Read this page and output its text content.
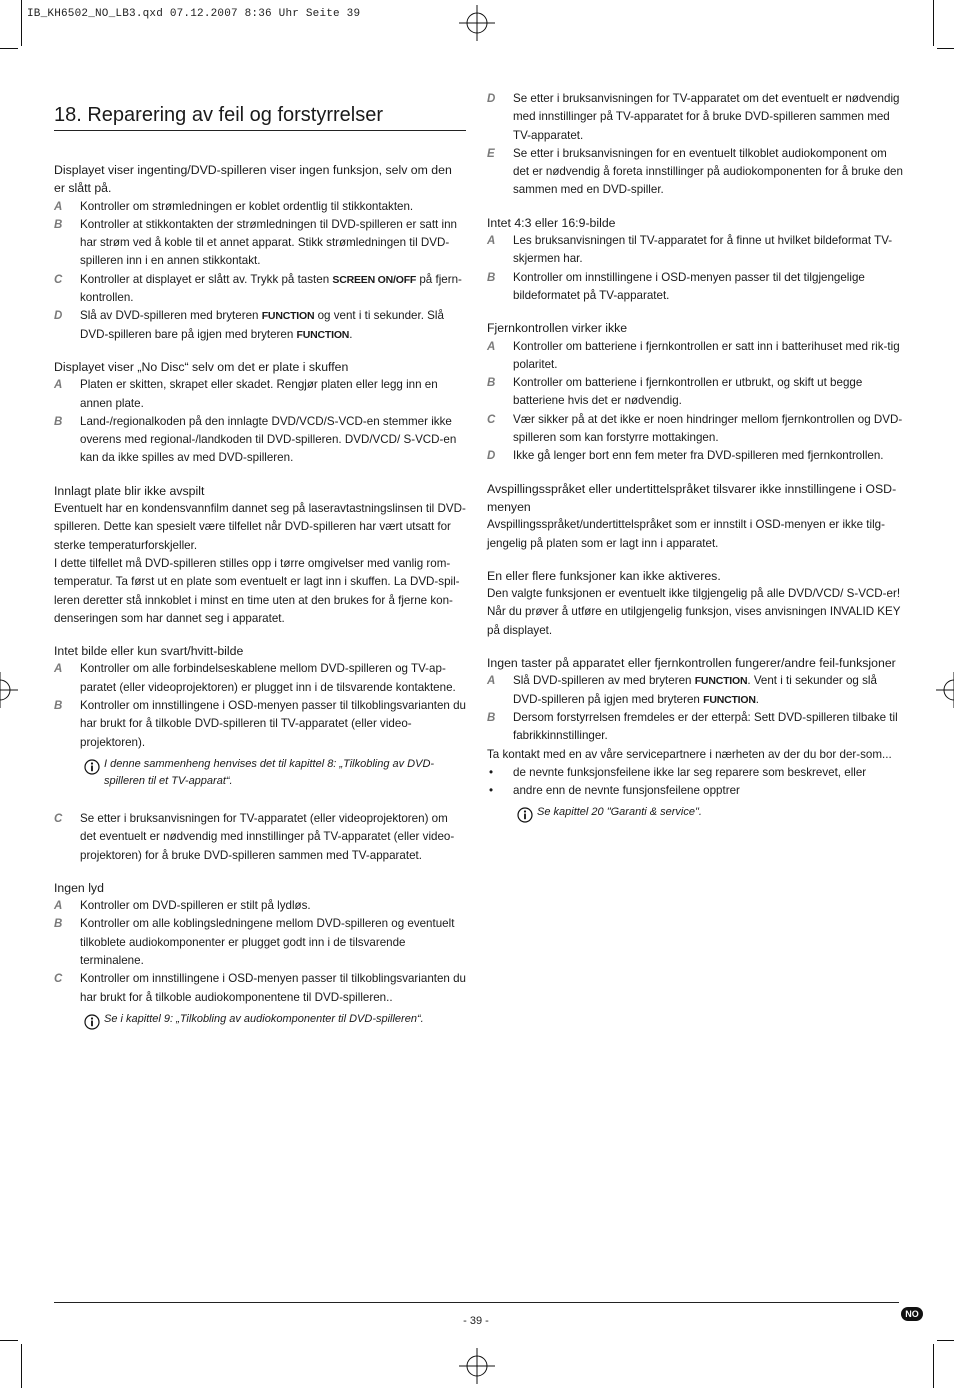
IB_KH6502_NO_LB3.qxd 07.12.2007 8:36 Uhr Seite 39
18. Reparering av feil og forstyrrelser
Displayet viser ingenting/DVD-spilleren viser ingen funksjon, selv om den er slått på.
A Kontroller om strømledningen er koblet ordentlig til stikkontakten.
B Kontroller at stikkontakten der strømledningen til DVD-spilleren er satt inn har strøm ved å koble til et annet apparat. Stikk strømledningen til DVD-spilleren inn i en annen stikkontakt.
C Kontroller at displayet er slått av. Trykk på tasten SCREEN ON/OFF på fjern-kontrollen.
D Slå av DVD-spilleren med bryteren FUNCTION og vent i ti sekunder. Slå DVD-spilleren bare på igjen med bryteren FUNCTION.
Displayet viser „No Disc“ selv om det er plate i skuffen
A Platen er skitten, skrapet eller skadet. Rengjør platen eller legg inn en annen plate.
B Land-/regionalkoden på den innlagte DVD/VCD/S-VCD-en stemmer ikke overens med regional-/landkoden til DVD-spilleren. DVD/VCD/ S-VCD-en kan da ikke spilles av med DVD-spilleren.
Innlagt plate blir ikke avspilt

Eventuelt har en kondensvannfilm dannet seg på laseravtastningslinsen til DVD-spilleren. Dette kan spesielt være tilfellet når DVD-spilleren har vært utsatt for sterke temperaturforskjeller.

I dette tilfellet må DVD-spilleren stilles opp i tørre omgivelser med vanlig rom-temperatur. Ta først ut en plate som eventuelt er lagt inn i skuffen. La DVD-spil-leren deretter stå innkoblet i minst en time uten at den brukes for å fjerne kon-denseringen som har dannet seg i apparatet.

Intet bilde eller kun svart/hvitt-bilde
A Kontroller om alle forbindelseskablene mellom DVD-spilleren og TV-ap-paratet (eller videoprojektoren) er plugget inn i de tilsvarende kontaktene.
B Kontroller om innstillingene i OSD-menyen passer til tilkoblingsvarianten du har brukt for å tilkoble DVD-spilleren til TV-apparatet (eller video-projektoren).
I denne sammenheng henvises det til kapittel 8: „Tilkobling av DVD-spilleren til et TV-apparat“.
C Se etter i bruksanvisningen for TV-apparatet (eller videoprojektoren) om det eventuelt er nødvendig med innstillinger på TV-apparatet (eller video-projektoren) for å bruke DVD-spilleren sammen med TV-apparatet.
Ingen lyd
A Kontroller om DVD-spilleren er stilt på lydløs.
B Kontroller om alle koblingsledningene mellom DVD-spilleren og eventuelt tilkoblete audiokomponenter er plugget godt inn i de tilsvarende terminalene.
C Kontroller om innstillingene i OSD-menyen passer til tilkoblingsvarianten du har brukt for å tilkoble audiokomponentene til DVD-spilleren..
Se i kapittel 9: „Tilkobling av audiokomponenter til DVD-spilleren“.
D Se etter i bruksanvisningen for TV-apparatet om det eventuelt er nødvendig med innstillinger på TV-apparatet for å bruke DVD-spilleren sammen med TV-apparatet.
E Se etter i bruksanvisningen for en eventuelt tilkoblet audiokomponent om det er nødvendig å foreta innstillinger på audiokomponenten for å bruke den sammen med en DVD-spiller.
Intet 4:3 eller 16:9-bilde
A Les bruksanvisningen til TV-apparatet for å finne ut hvilket bildeformat TV-skjermen har.
B Kontroller om innstillingene i OSD-menyen passer til det tilgjengelige bildeformatet på TV-apparatet.
Fjernkontrollen virker ikke
A Kontroller om batteriene i fjernkontrollen er satt inn i batterihuset med rik-tig polaritet.
B Kontroller om batteriene i fjernkontrollen er utbrukt, og skift ut begge batteriene hvis det er nødvendig.
C Vær sikker på at det ikke er noen hindringer mellom fjernkontrollen og DVD-spilleren som kan forstyrre mottakingen.
D Ikke gå lenger bort enn fem meter fra DVD-spilleren med fjernkontrollen.
Avspillingsspråket eller undertittelspråket tilsvarer ikke innstillingene i OSD-menyen

Avspillingsspråket/undertittelspråket som er innstilt i OSD-menyen er ikke tilg-jengelig på platen som er lagt inn i apparatet.

En eller flere funksjoner kan ikke aktiveres.

Den valgte funksjonen er eventuelt ikke tilgjengelig på alle DVD/VCD/ S-VCD-er! Når du prøver å utføre en utilgjengelig funksjon, vises anvisningen INVALID KEY på displayet.

Ingen taster på apparatet eller fjernkontrollen fungerer/andre feil-funksjoner
A Slå DVD-spilleren av med bryteren FUNCTION. Vent i ti sekunder og slå DVD-spilleren på igjen med bryteren FUNCTION.
B Dersom forstyrrelsen fremdeles er der etterpå: Sett DVD-spilleren tilbake til fabrikkinnstillinger.

Ta kontakt med en av våre servicepartnere i nærheten av der du bor der-som...

• de nevnte funksjonsfeilene ikke lar seg reparere som beskrevet, eller
• andre enn de nevnte funsjonsfeilene opptrer
Se kapittel 20 "Garanti & service".
- 39 -
NO
